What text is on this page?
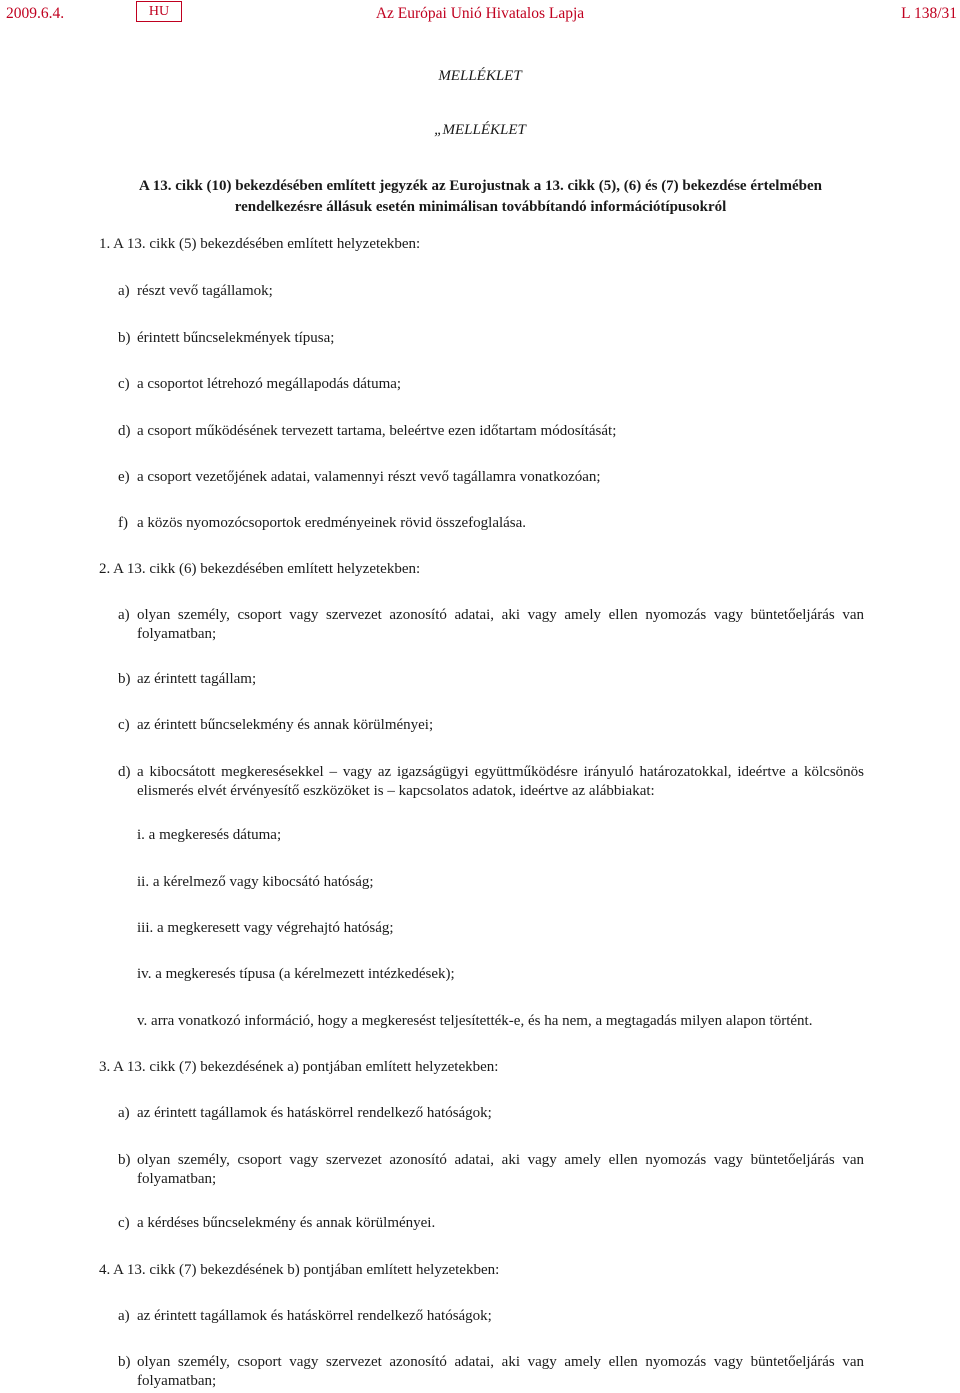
2009.6.4.	HU	Az Európai Unió Hivatalos Lapja	L 138/31
MELLÉKLET
„MELLÉKLET
A 13. cikk (10) bekezdésében említett jegyzék az Eurojustnak a 13. cikk (5), (6) és (7) bekezdése értelmében rendelkezésre állásuk esetén minimálisan továbbítandó információtípusokról
1. A 13. cikk (5) bekezdésében említett helyzetekben:
a) részt vevő tagállamok;
b) érintett bűncselekmények típusa;
c) a csoportot létrehozó megállapodás dátuma;
d) a csoport működésének tervezett tartama, beleértve ezen időtartam módosítását;
e) a csoport vezetőjének adatai, valamennyi részt vevő tagállamra vonatkozóan;
f) a közös nyomozócsoportok eredményeinek rövid összefoglalása.
2. A 13. cikk (6) bekezdésében említett helyzetekben:
a) olyan személy, csoport vagy szervezet azonosító adatai, aki vagy amely ellen nyomozás vagy büntetőeljárás van folyamatban;
b) az érintett tagállam;
c) az érintett bűncselekmény és annak körülményei;
d) a kibocsátott megkeresésekkel – vagy az igazságügyi együttműködésre irányuló határozatokkal, ideértve a kölcsönös elismerés elvét érvényesítő eszközöket is – kapcsolatos adatok, ideértve az alábbiakat:
i. a megkeresés dátuma;
ii. a kérelmező vagy kibocsátó hatóság;
iii. a megkeresett vagy végrehajtó hatóság;
iv. a megkeresés típusa (a kérelmezett intézkedések);
v. arra vonatkozó információ, hogy a megkeresést teljesítették-e, és ha nem, a megtagadás milyen alapon történt.
3. A 13. cikk (7) bekezdésének a) pontjában említett helyzetekben:
a) az érintett tagállamok és hatáskörrel rendelkező hatóságok;
b) olyan személy, csoport vagy szervezet azonosító adatai, aki vagy amely ellen nyomozás vagy büntetőeljárás van folyamatban;
c) a kérdéses bűncselekmény és annak körülményei.
4. A 13. cikk (7) bekezdésének b) pontjában említett helyzetekben:
a) az érintett tagállamok és hatáskörrel rendelkező hatóságok;
b) olyan személy, csoport vagy szervezet azonosító adatai, aki vagy amely ellen nyomozás vagy büntetőeljárás van folyamatban;
